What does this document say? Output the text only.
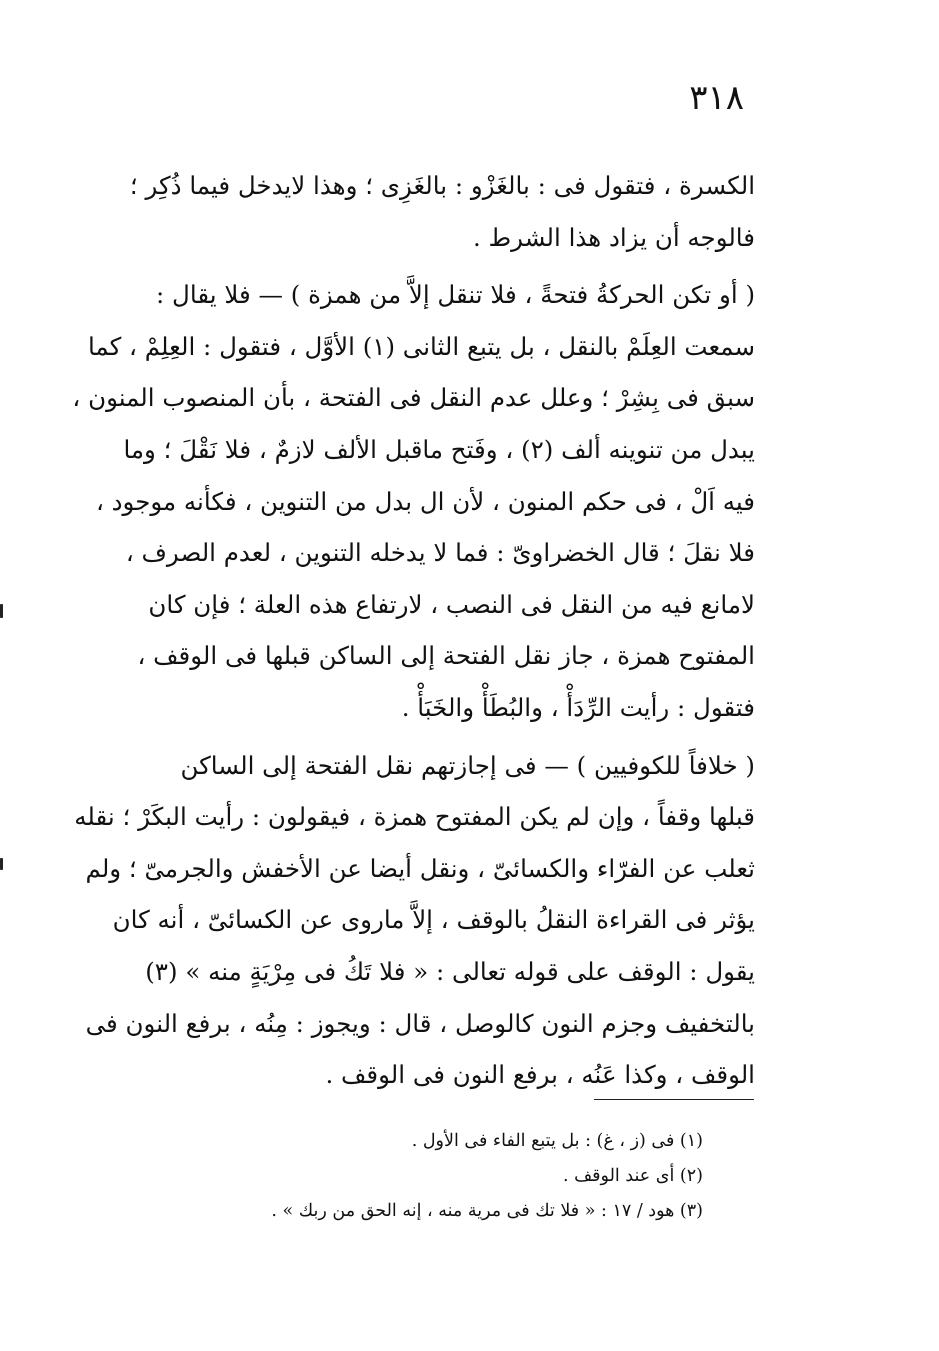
٣١٨
الكسرة ، فتقول فى : بالغَزْو : بالغَزِى ؛ وهذا لايدخل فيما ذُكِر ؛
فالوجه أن يزاد هذا الشرط .
( أو تكن الحركةُ فتحةً ، فلا تنقل إلاَّ من همزة ) — فلا يقال :
سمعت العِلَمْ بالنقل ، بل يتبع الثانى (١) الأوَّل ، فتقول : العِلِمْ ، كما
سبق فى بِشِرْ ؛ وعلل عدم النقل فى الفتحة ، بأن المنصوب المنون ،
يبدل من تنوينه ألف (٢) ، وفَتح ماقبل الألف لازمٌ ، فلا نَقْلَ ؛ وما
فيه اَلْ ، فى حكم المنون ، لأن ال بدل من التنوين ، فكأنه موجود ،
فلا نقلَ ؛ قال الخضراوىّ : فما لا يدخله التنوين ، لعدم الصرف ،
لامانع فيه من النقل فى النصب ، لارتفاع هذه العلة ؛ فإن كان
المفتوح همزة ، جاز نقل الفتحة إلى الساكن قبلها فى الوقف ،
فتقول : رأيت الرِّدَأْ ، والبُطَأْ والخَبَأْ .
( خلافاً للكوفيين ) — فى إجازتهم نقل الفتحة إلى الساكن
قبلها وقفاً ، وإن لم يكن المفتوح همزة ، فيقولون : رأيت البكَرْ ؛ نقله
ثعلب عن الفرّاء والكسائىّ ، ونقل أيضا عن الأخفش والجرمىّ ؛ ولم
يؤثر فى القراءة النقلُ بالوقف ، إلاَّ ماروى عن الكسائىّ ، أنه كان
يقول : الوقف على قوله تعالى : « فلا تَكُ فى مِرْيَةٍ منه » (٣)
بالتخفيف وجزم النون كالوصل ، قال : ويجوز : مِنُه ، برفع النون فى
الوقف ، وكذا عَنُه ، برفع النون فى الوقف .
(١) فى (ز ، غ) : بل يتبع الفاء فى الأول .
(٢) أى عند الوقف .
(٣) هود / ١٧ : « فلا تك فى مرية منه ، إنه الحق من ربك » .
